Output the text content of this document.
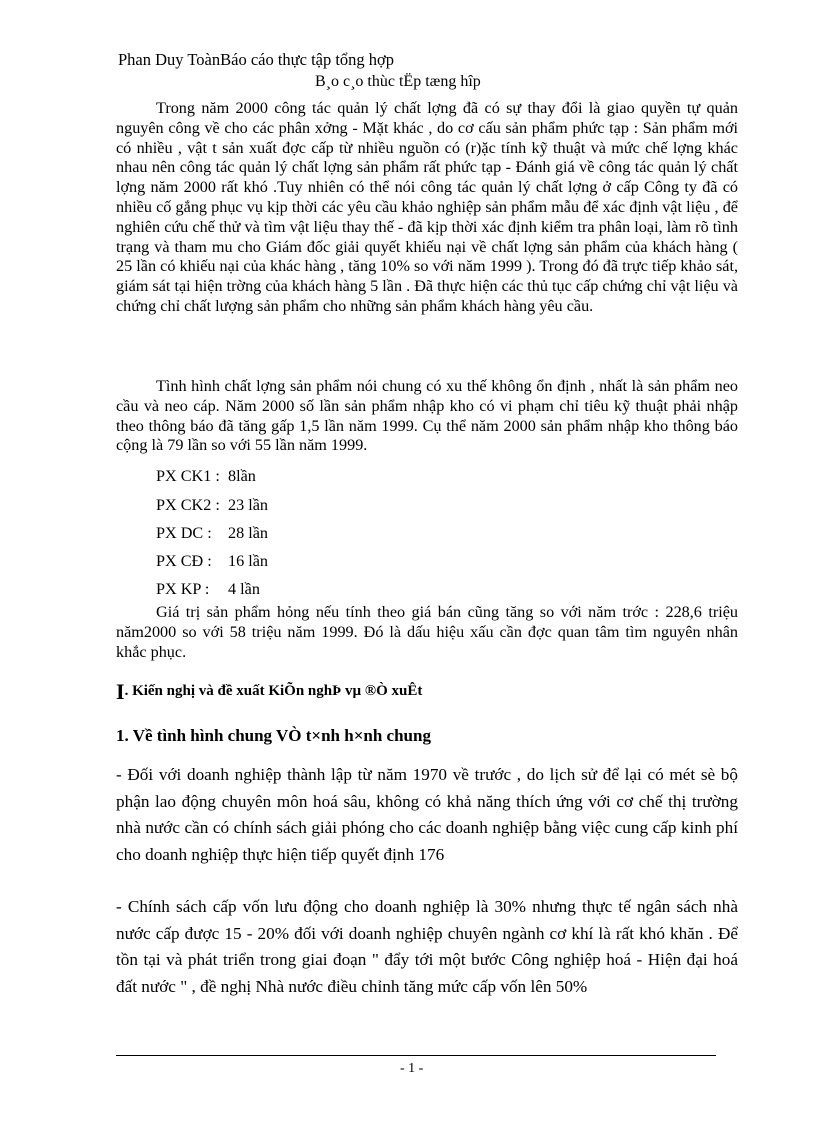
Phan Duy ToànBáo cáo thực tập tổng hợp
B¸o c¸o thùc tËp tæng hîp

Trong năm 2000 công tác quản lý chất lợng đã có sự thay đổi là giao quyền tự quản nguyên công về cho các phân xởng - Mặt khác , do cơ cấu sản phẩm phức tạp : Sản phẩm mới có nhiều , vật t sản xuất đợc cấp từ nhiều nguồn có (r)ặc tính kỹ thuật và mức chế lợng khác nhau nên công tác quản lý chất lợng sản phẩm rất phức tạp - Đánh giá về công tác quản lý chất lợng năm 2000 rất khó .Tuy nhiên có thể nói công tác quản lý chất lợng ở cấp Công ty đã có nhiều cố gắng phục vụ kịp thời các yêu cầu khảo nghiệp sản phẩm mẫu để xác định vật liệu , để nghiên cứu chế thử và tìm vật liệu thay thế - đã kịp thời xác định kiểm tra phân loại, làm rõ tình trạng và tham mu cho Giám đốc giải quyết khiếu nại về chất lợng sản phẩm của khách hàng ( 25 lần có khiếu nại của khác hàng , tăng 10% so với năm 1999 ). Trong đó đã trực tiếp khảo sát, giám sát tại hiện trờng của khách hàng 5 lần . Đã thực hiện các thủ tục cấp chứng chỉ vật liệu và chứng chỉ chất lượng sản phẩm cho những sản phẩm khách hàng yêu cầu.

Tình hình chất lợng sản phẩm nói chung có xu thế không ổn định , nhất là sản phẩm neo cầu và neo cáp. Năm 2000 số lần sản phẩm nhập kho có vi phạm chỉ tiêu kỹ thuật phải nhập theo thông báo đã tăng gấp 1,5 lần năm 1999. Cụ thể năm 2000 sản phẩm nhập kho thông báo cộng là 79 lần so với 55 lần năm 1999.

PX CK1 : 8lần
PX CK2 : 23 lần
PX DC : 28 lần
PX CĐ : 16 lần
PX KP : 4 lần

Giá trị sản phẩm hỏng nếu tính theo giá bán cũng tăng so với năm trớc : 228,6 triệu năm2000 so với 58 triệu năm 1999. Đó là dấu hiệu xấu cần đợc quan tâm tìm nguyên nhân khắc phục.

I. Kiến nghị và đề xuất KiÕn nghÞ vµ ®Ò xuÊt
1. Về tình hình chung VÒ t×nh h×nh chung

- Đối với doanh nghiệp thành lập từ năm 1970 về trước , do lịch sử để lại có mét sè bộ phận lao động chuyên môn hoá sâu, không có khả năng thích ứng với cơ chế thị trường nhà nước cần có chính sách giải phóng cho các doanh nghiệp bằng việc cung cấp kinh phí cho doanh nghiệp thực hiện tiếp quyết định 176

- Chính sách cấp vốn lưu động cho doanh nghiệp là 30% nhưng thực tế ngân sách nhà nước cấp được 15 - 20% đối với doanh nghiệp chuyên ngành cơ khí là rất khó khăn . Để tồn tại và phát triển trong giai đoạn " đẩy tới một bước Công nghiệp hoá - Hiện đại hoá đất nước " , đề nghị Nhà nước điều chỉnh tăng mức cấp vốn lên 50%

- 1 -
